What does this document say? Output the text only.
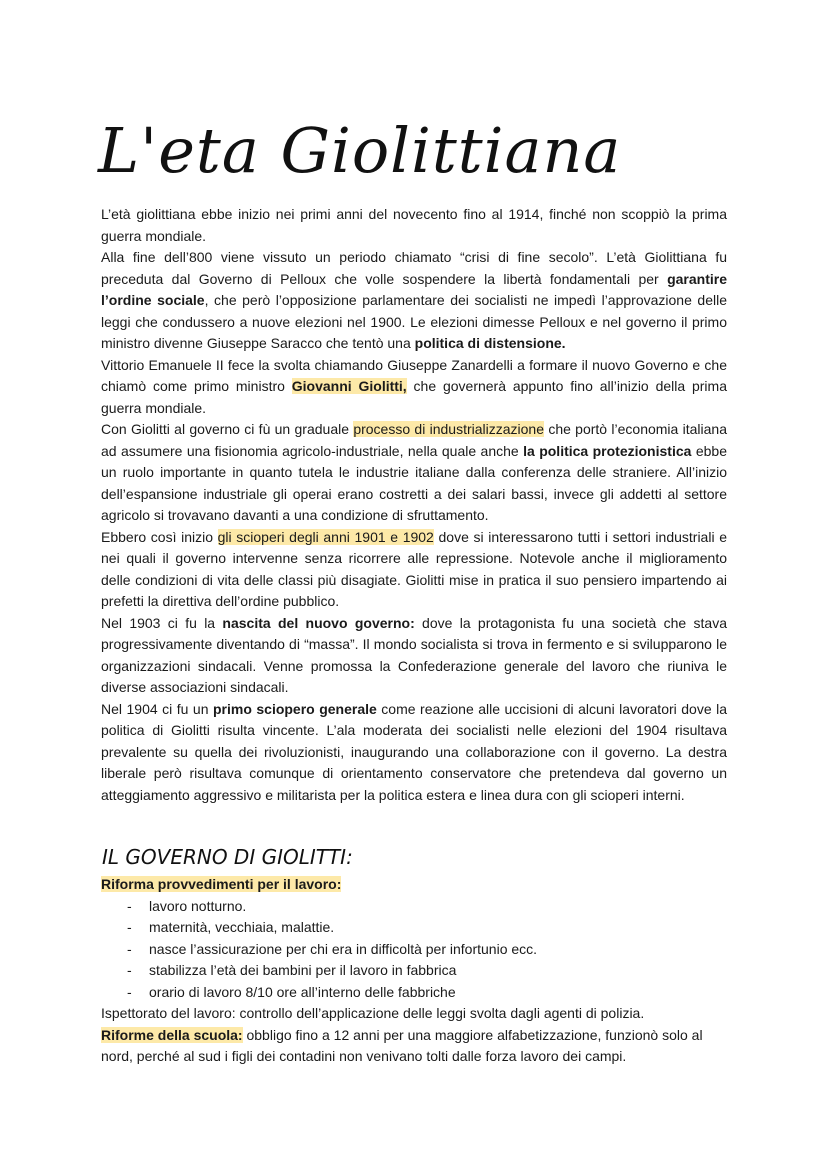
L'eta Giolittiana

L’età giolittiana ebbe inizio nei primi anni del novecento fino al 1914, finché non scoppiò la prima guerra mondiale.

Alla fine dell’800 viene vissuto un periodo chiamato “crisi di fine secolo”. L’età Giolittiana fu preceduta dal Governo di Pelloux che volle sospendere la libertà fondamentali per garantire l’ordine sociale, che però l’opposizione parlamentare dei socialisti ne impedì l’approvazione delle leggi che condussero a nuove elezioni nel 1900. Le elezioni dimesse Pelloux e nel governo il primo ministro divenne Giuseppe Saracco che tentò una politica di distensione.

Vittorio Emanuele II fece la svolta chiamando Giuseppe Zanardelli a formare il nuovo Governo e che chiamò come primo ministro Giovanni Giolitti, che governerà appunto fino all’inizio della prima guerra mondiale.

Con Giolitti al governo ci fù un graduale processo di industrializzazione che portò l’economia italiana ad assumere una fisionomia agricolo-industriale, nella quale anche la politica protezionistica ebbe un ruolo importante in quanto tutela le industrie italiane dalla conferenza delle straniere. All’inizio dell’espansione industriale gli operai erano costretti a dei salari bassi, invece gli addetti al settore agricolo si trovavano davanti a una condizione di sfruttamento.

Ebbero così inizio gli scioperi degli anni 1901 e 1902 dove si interessarono tutti i settori industriali e nei quali il governo intervenne senza ricorrere alle repressione. Notevole anche il miglioramento delle condizioni di vita delle classi più disagiate. Giolitti mise in pratica il suo pensiero impartendo ai prefetti la direttiva dell’ordine pubblico.

Nel 1903 ci fu la nascita del nuovo governo: dove la protagonista fu una società che stava progressivamente diventando di “massa”. Il mondo socialista si trova in fermento e si svilupparono le organizzazioni sindacali. Venne promossa la Confederazione generale del lavoro che riuniva le diverse associazioni sindacali.

Nel 1904 ci fu un primo sciopero generale come reazione alle uccisioni di alcuni lavoratori dove la politica di Giolitti risulta vincente. L’ala moderata dei socialisti nelle elezioni del 1904 risultava prevalente su quella dei rivoluzionisti, inaugurando una collaborazione con il governo. La destra liberale però risultava comunque di orientamento conservatore che pretendeva dal governo un atteggiamento aggressivo e militarista per la politica estera e linea dura con gli scioperi interni.

IL GOVERNO DI GIOLITTI:

Riforma provvedimenti per il lavoro:

- lavoro notturno.
- maternità, vecchiaia, malattie.
- nasce l’assicurazione per chi era in difficoltà per infortunio ecc.
- stabilizza l’età dei bambini per il lavoro in fabbrica
- orario di lavoro 8/10 ore all’interno delle fabbriche

Ispettorato del lavoro: controllo dell’applicazione delle leggi svolta dagli agenti di polizia.

Riforme della scuola: obbligo fino a 12 anni per una maggiore alfabetizzazione, funzionò solo al nord, perché al sud i figli dei contadini non venivano tolti dalle forza lavoro dei campi.
